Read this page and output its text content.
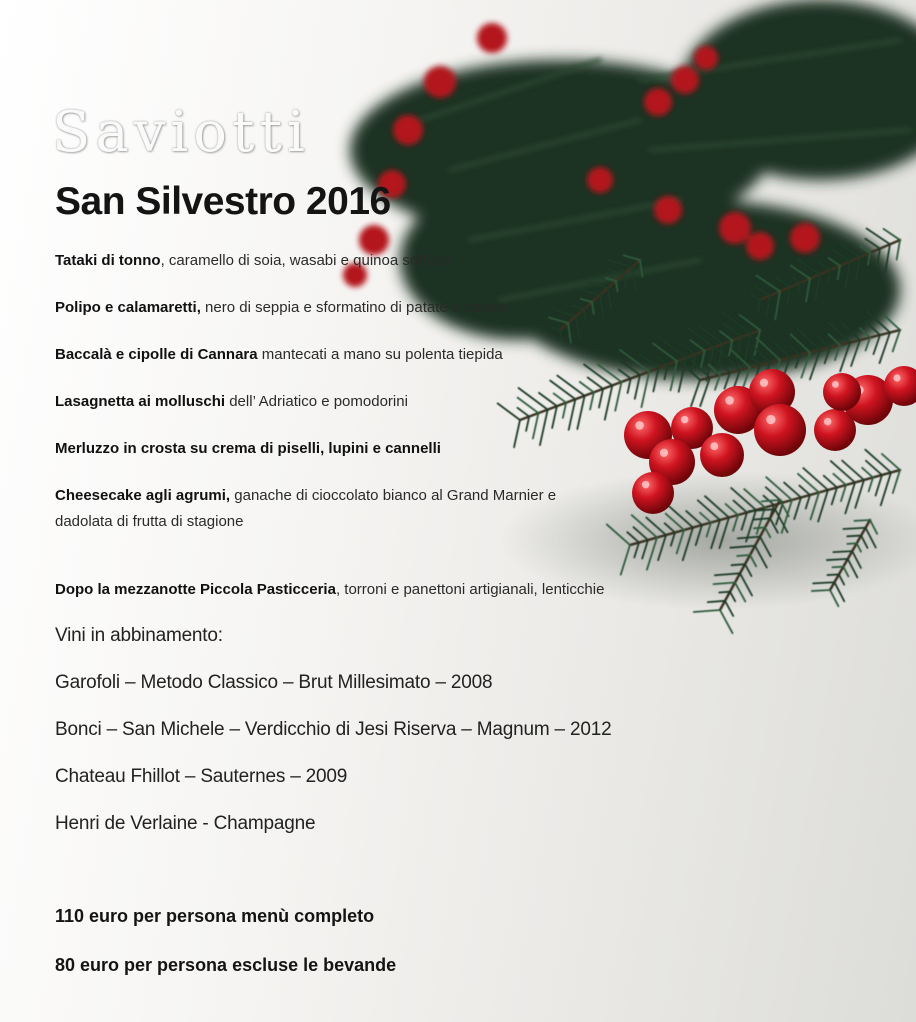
Saviotti
San Silvestro 2016

Tataki di tonno, caramello di soia, wasabi e quinoa soffiata

Polipo e calamaretti, nero di seppia e sformatino di patate e cavolo

Baccalà e cipolle di Cannara mantecati a mano su polenta tiepida

Lasagnetta ai molluschi dell’ Adriatico e pomodorini

Merluzzo in crosta su crema di piselli, lupini e cannelli

Cheesecake agli agrumi, ganache di cioccolato bianco al Grand Marnier e
dadolata di frutta di stagione

Dopo la mezzanotte Piccola Pasticceria, torroni e panettoni artigianali, lenticchie

Vini in abbinamento:

Garofoli – Metodo Classico – Brut Millesimato – 2008

Bonci – San Michele – Verdicchio di Jesi Riserva – Magnum – 2012

Chateau Fhillot – Sauternes – 2009

Henri de Verlaine - Champagne

110 euro per persona menù completo

80 euro per persona escluse le bevande
